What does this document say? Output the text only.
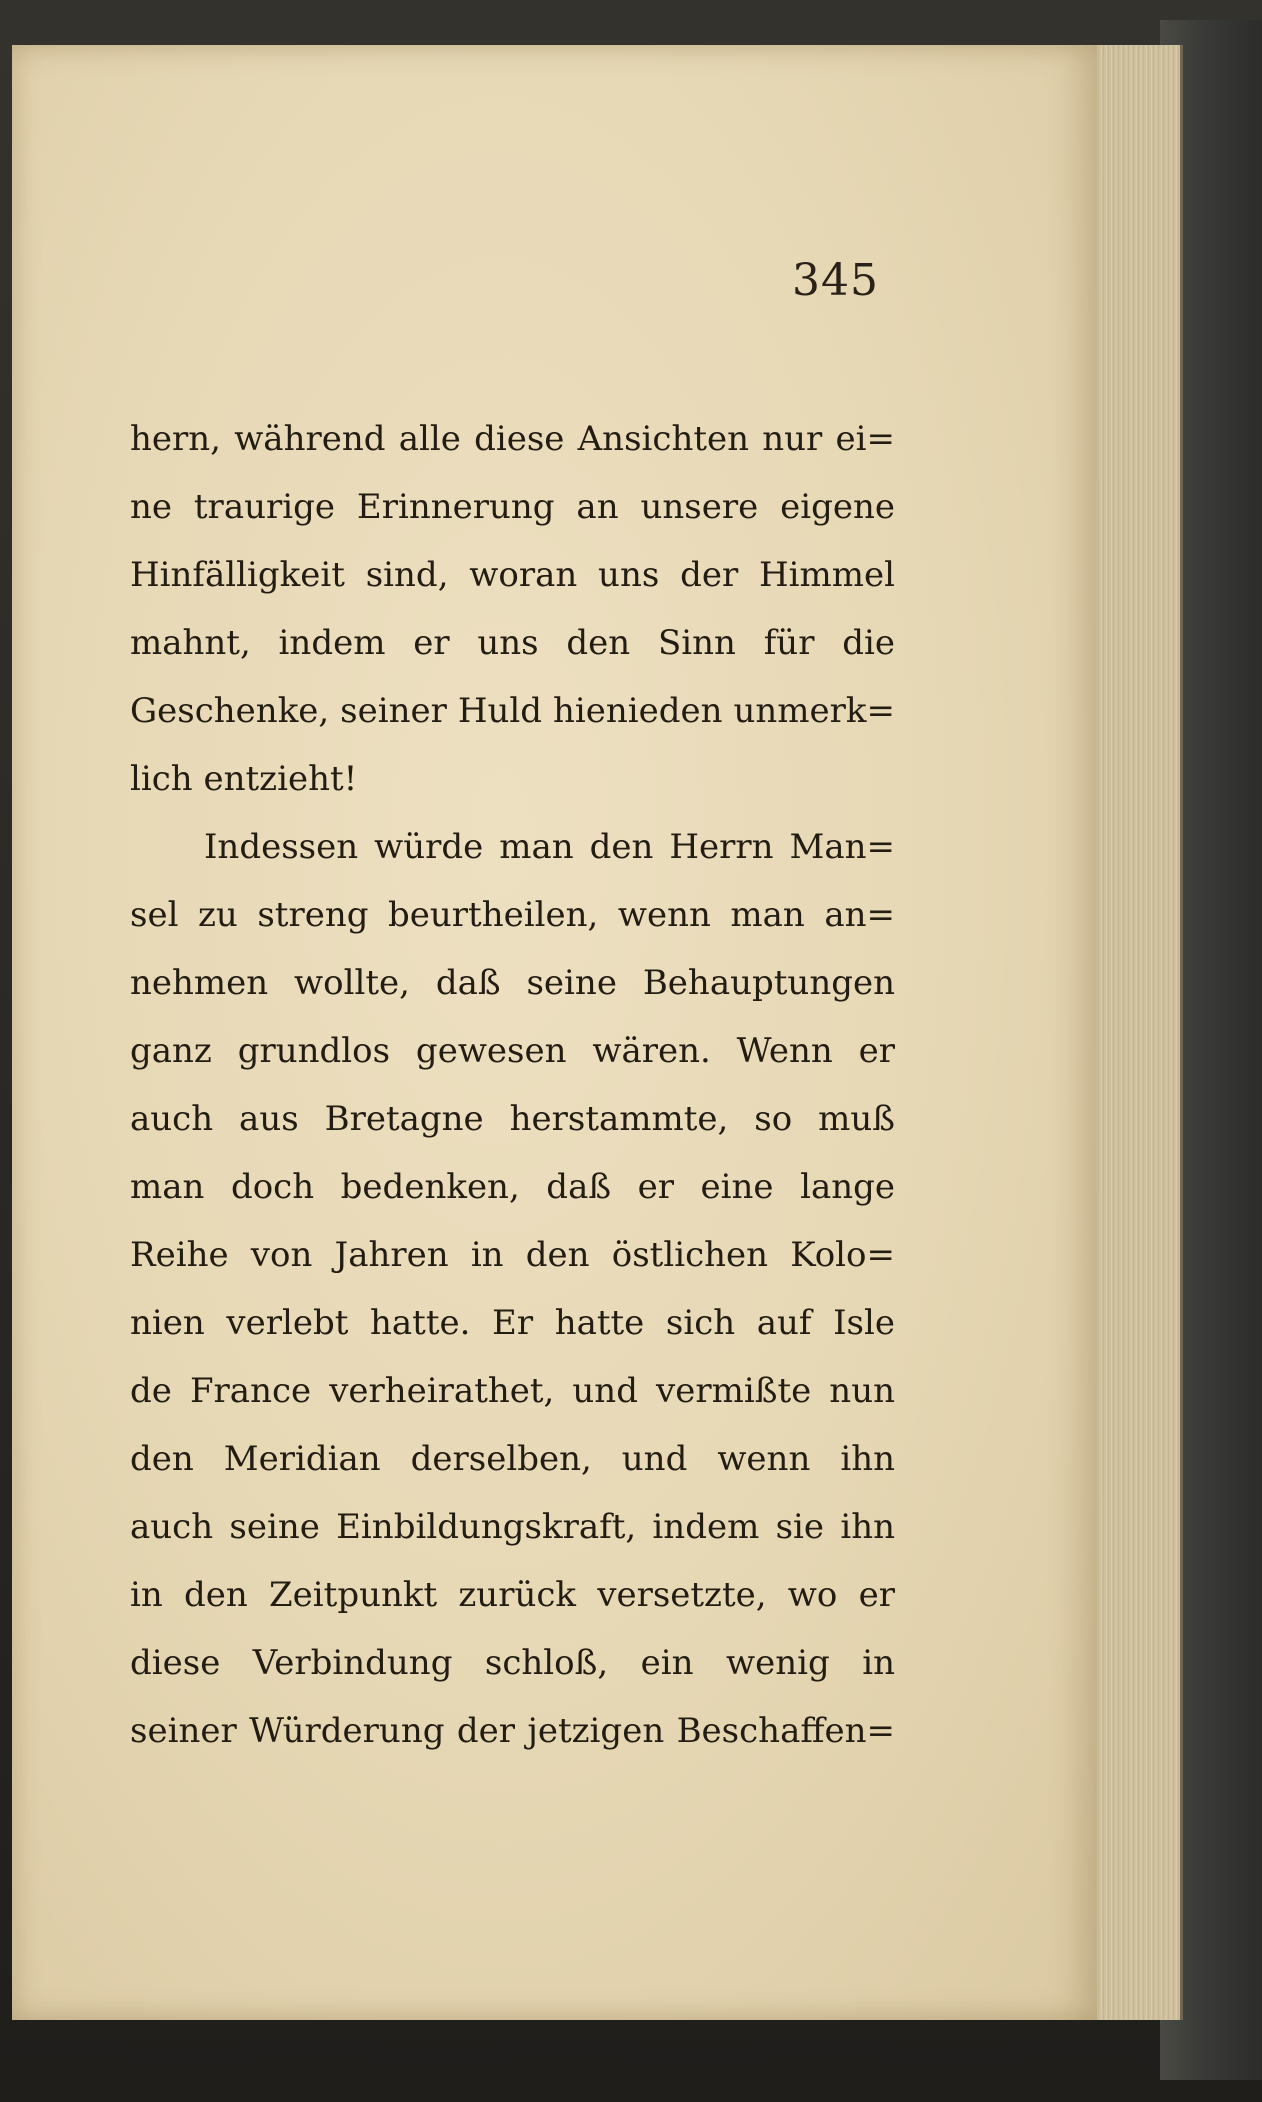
345
hern, während alle diese Ansichten nur ei=
ne traurige Erinnerung an unsere eigene
Hinfälligkeit sind, woran uns der Himmel
mahnt, indem er uns den Sinn für die
Geschenke, seiner Huld hienieden unmerk=
lich entzieht!
Indessen würde man den Herrn Man=
sel zu streng beurtheilen, wenn man an=
nehmen wollte, daß seine Behauptungen
ganz grundlos gewesen wären. Wenn er
auch aus Bretagne herstammte, so muß
man doch bedenken, daß er eine lange
Reihe von Jahren in den östlichen Kolo=
nien verlebt hatte. Er hatte sich auf Isle
de France verheirathet, und vermißte nun
den Meridian derselben, und wenn ihn
auch seine Einbildungskraft, indem sie ihn
in den Zeitpunkt zurück versetzte, wo er
diese Verbindung schloß, ein wenig in
seiner Würderung der jetzigen Beschaffen=
